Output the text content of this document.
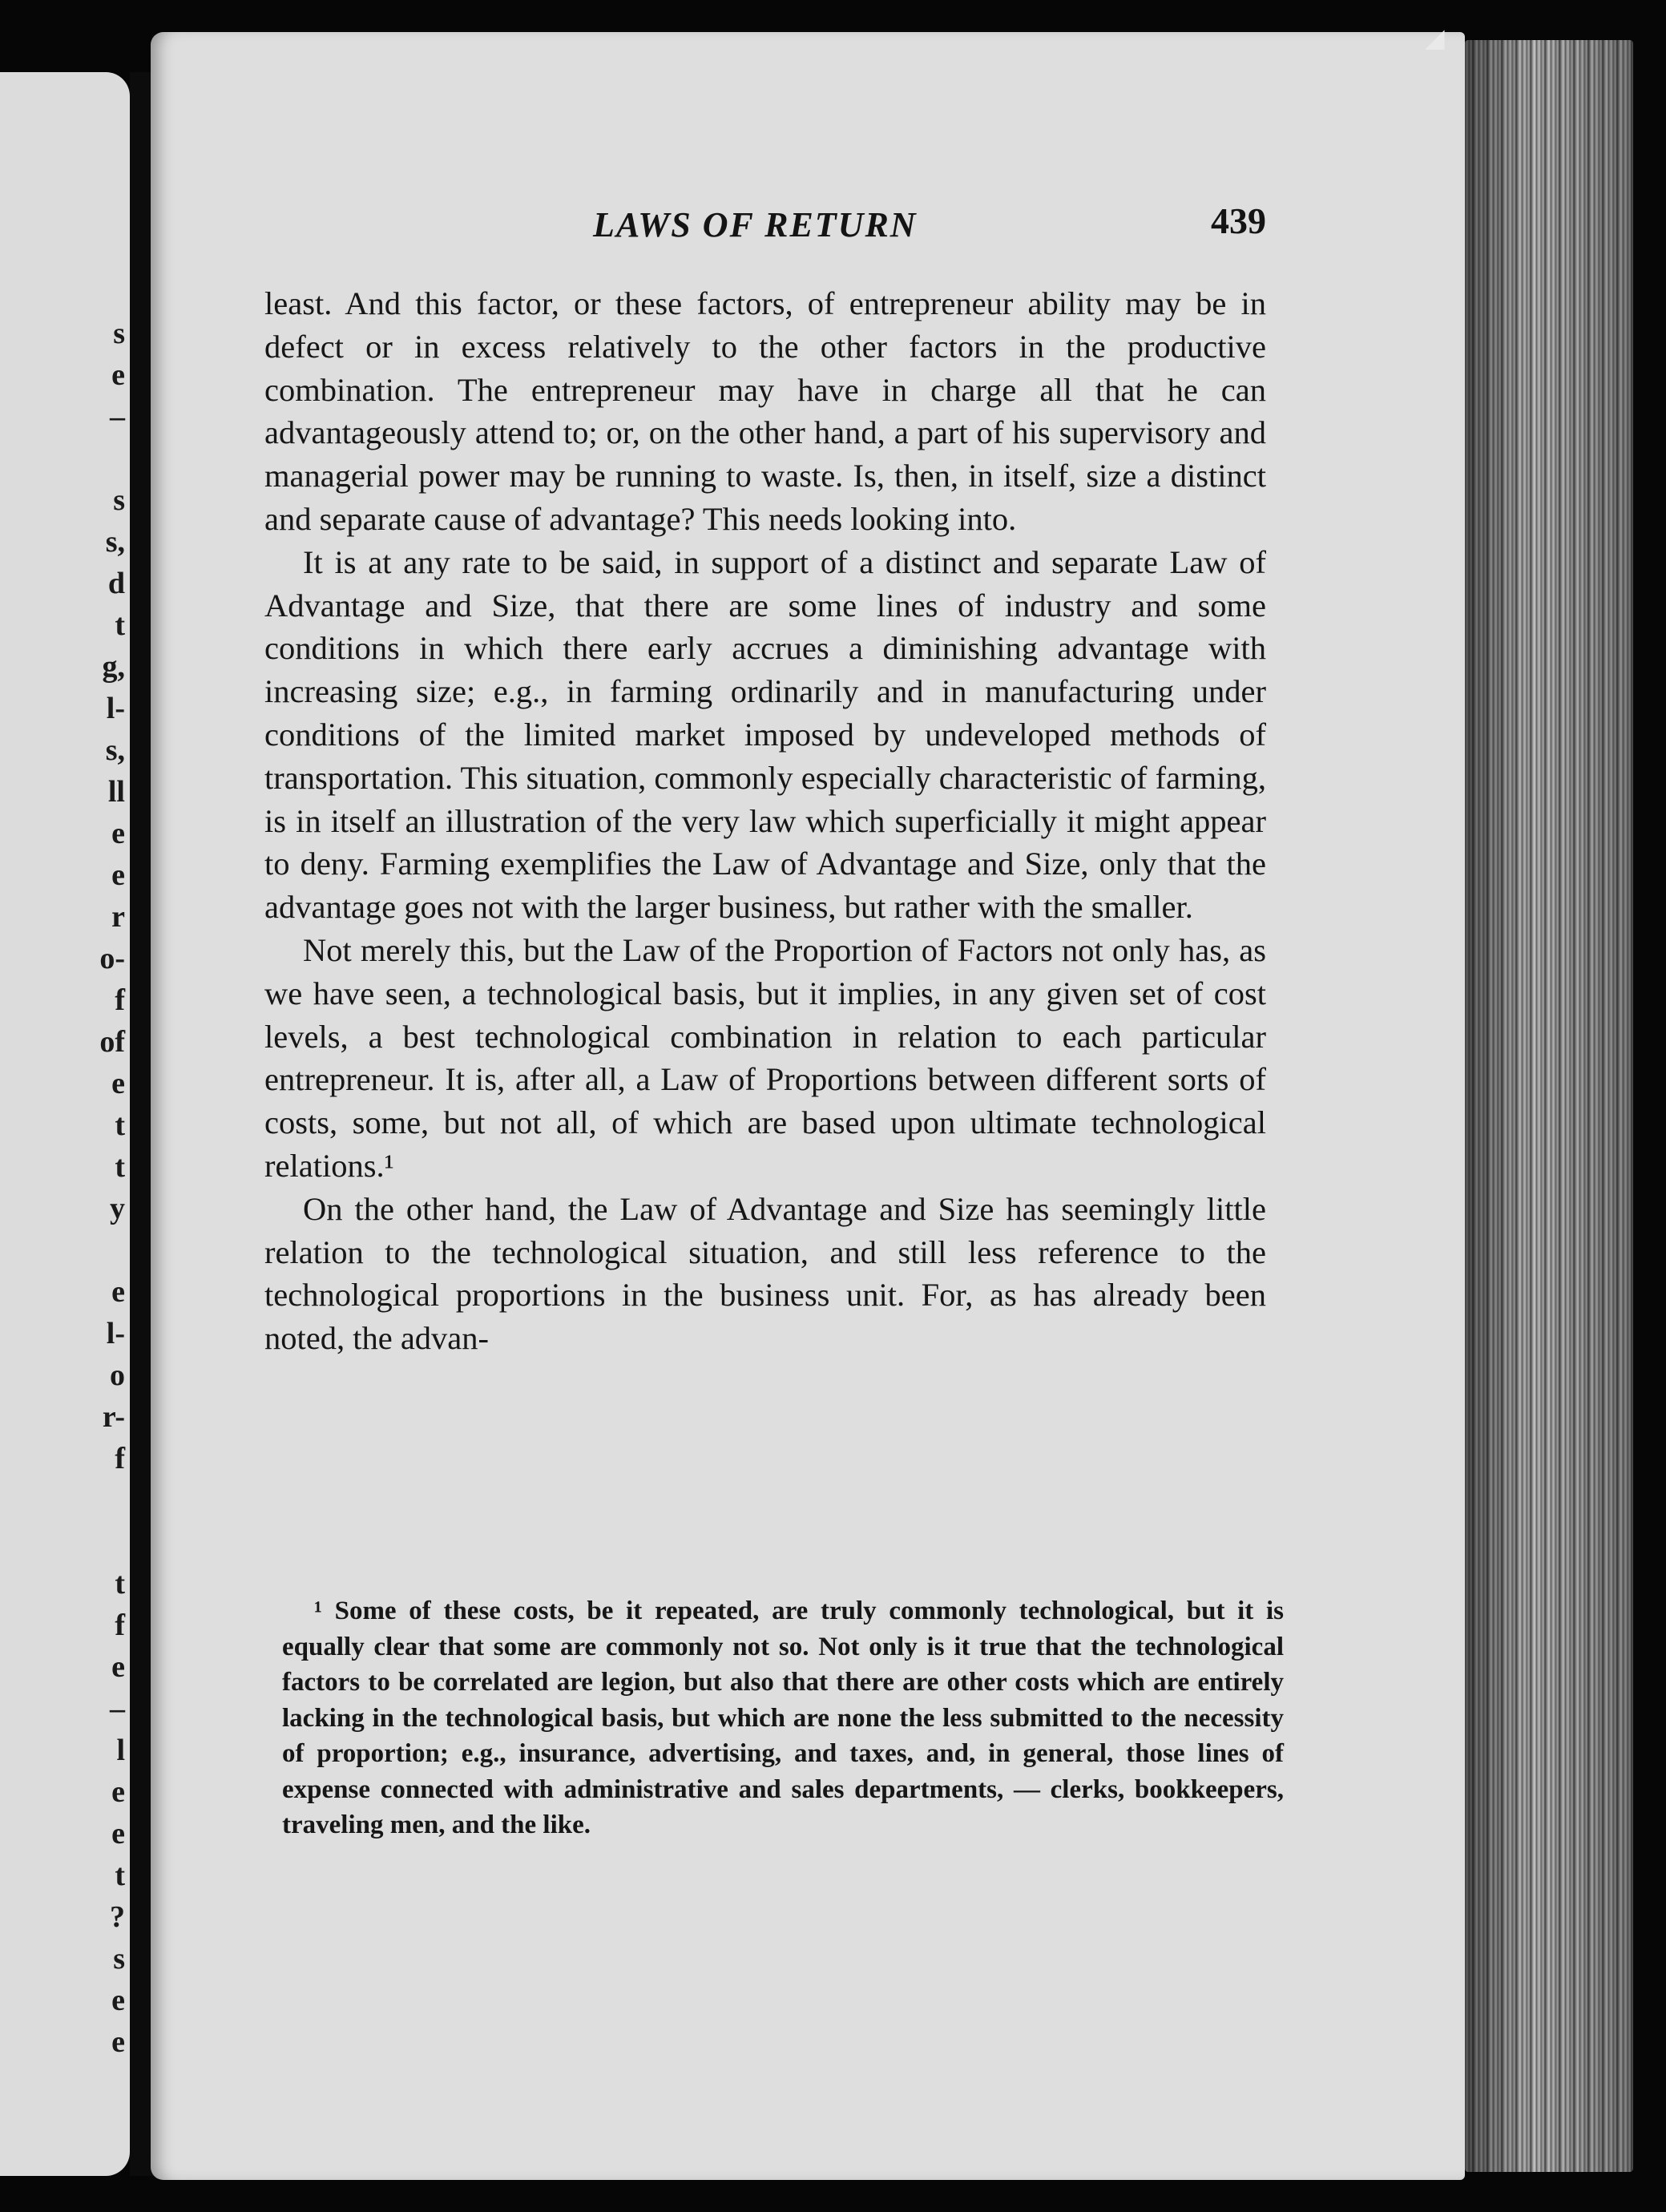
s
e
–

s
s,
d
t
g,
l-
s,
ll
e
e
r
o-
f
of
e
t
t
y

e
l-
o
r-
f

t
f
e
–
l
e
e
t
?
s
e
e
◢
LAWS OF RETURN	439

least. And this factor, or these factors, of entrepreneur ability may be in defect or in excess relatively to the other factors in the productive combination. The entrepreneur may have in charge all that he can advantageously attend to; or, on the other hand, a part of his supervisory and managerial power may be running to waste. Is, then, in itself, size a distinct and separate cause of advantage? This needs looking into.

It is at any rate to be said, in support of a distinct and separate Law of Advantage and Size, that there are some lines of industry and some conditions in which there early accrues a diminishing advantage with increasing size; e.g., in farming ordinarily and in manufacturing under conditions of the limited market imposed by undeveloped methods of transportation. This situation, commonly especially characteristic of farming, is in itself an illustration of the very law which superficially it might appear to deny. Farming exemplifies the Law of Advantage and Size, only that the advantage goes not with the larger business, but rather with the smaller.

Not merely this, but the Law of the Proportion of Factors not only has, as we have seen, a technological basis, but it implies, in any given set of cost levels, a best technological combination in relation to each particular entrepreneur. It is, after all, a Law of Proportions between different sorts of costs, some, but not all, of which are based upon ultimate technological relations.¹

On the other hand, the Law of Advantage and Size has seemingly little relation to the technological situation, and still less reference to the technological proportions in the business unit. For, as has already been noted, the advan-

¹ Some of these costs, be it repeated, are truly commonly technological, but it is equally clear that some are commonly not so. Not only is it true that the technological factors to be correlated are legion, but also that there are other costs which are entirely lacking in the technological basis, but which are none the less submitted to the necessity of proportion; e.g., insurance, advertising, and taxes, and, in general, those lines of expense connected with administrative and sales departments, — clerks, bookkeepers, traveling men, and the like.
